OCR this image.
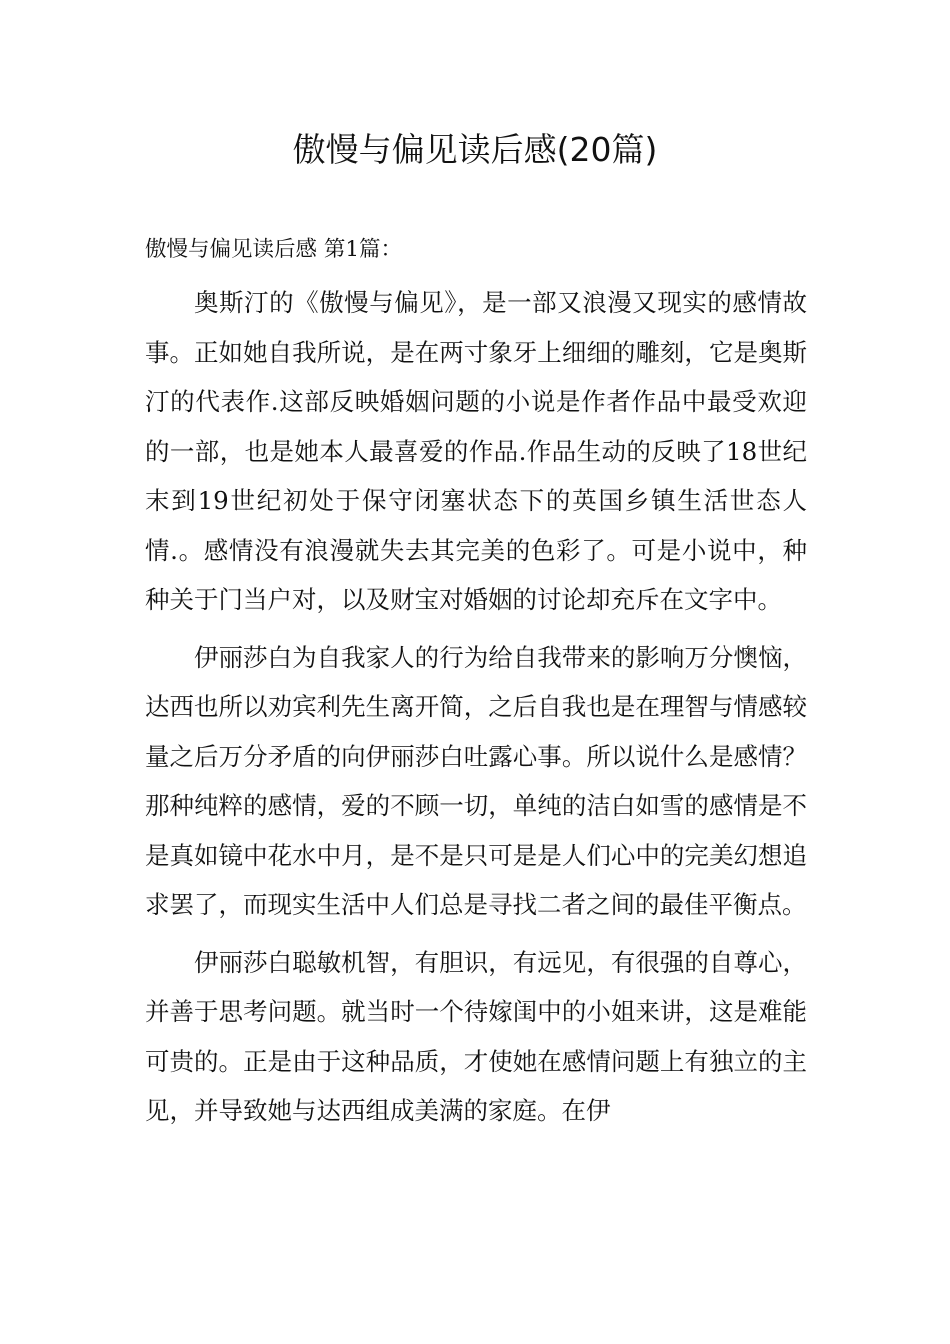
傲慢与偏见读后感(20篇)

傲慢与偏见读后感 第1篇：

奥斯汀的《傲慢与偏见》，是一部又浪漫又现实的感情故事。正如她自我所说，是在两寸象牙上细细的雕刻，它是奥斯汀的代表作.这部反映婚姻问题的小说是作者作品中最受欢迎的一部，也是她本人最喜爱的作品.作品生动的反映了18世纪末到19世纪初处于保守闭塞状态下的英国乡镇生活世态人情.。感情没有浪漫就失去其完美的色彩了。可是小说中，种种关于门当户对，以及财宝对婚姻的讨论却充斥在文字中。

伊丽莎白为自我家人的行为给自我带来的影响万分懊恼，达西也所以劝宾利先生离开简，之后自我也是在理智与情感较量之后万分矛盾的向伊丽莎白吐露心事。所以说什么是感情？那种纯粹的感情，爱的不顾一切，单纯的洁白如雪的感情是不是真如镜中花水中月，是不是只可是是人们心中的完美幻想追求罢了，而现实生活中人们总是寻找二者之间的最佳平衡点。

伊丽莎白聪敏机智，有胆识，有远见，有很强的自尊心，并善于思考问题。就当时一个待嫁闺中的小姐来讲，这是难能可贵的。正是由于这种品质，才使她在感情问题上有独立的主见，并导致她与达西组成美满的家庭。在伊
